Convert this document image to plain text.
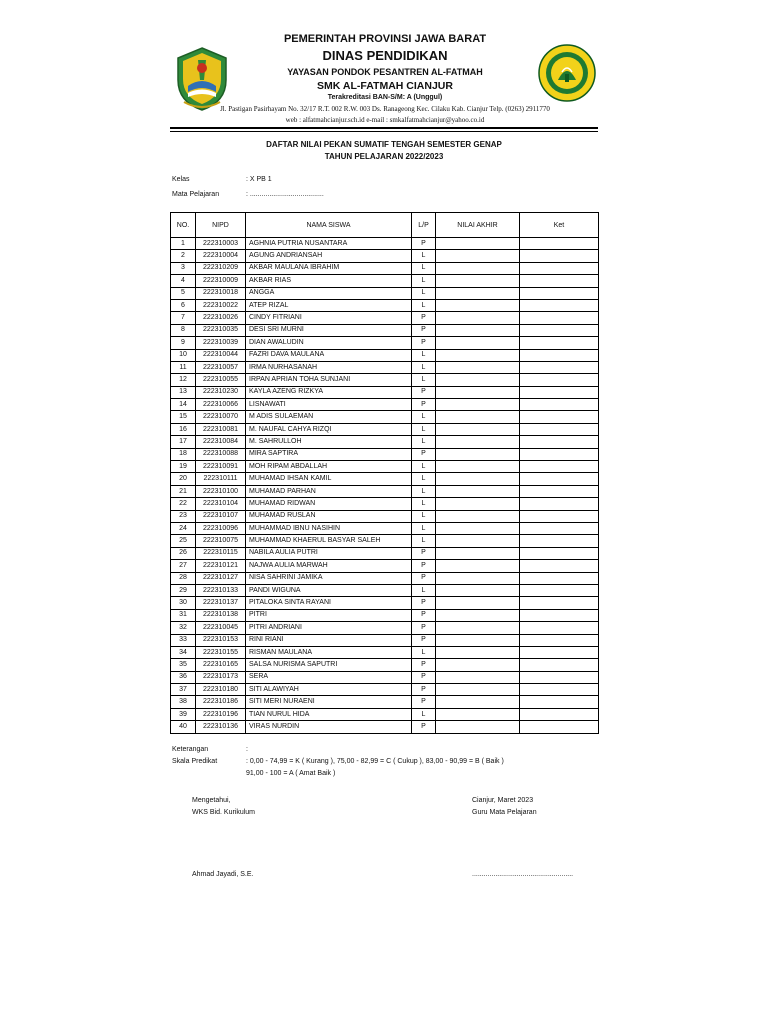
PEMERINTAH PROVINSI JAWA BARAT
DINAS PENDIDIKAN
YAYASAN PONDOK PESANTREN AL-FATMAH
SMK AL-FATMAH CIANJUR
Terakreditasi BAN-S/M: A (Unggul)
Jl. Pastigan Pasirhayam No. 32/17 R.T. 002 R.W. 003 Ds. Ranageong Kec. Cilaku Kab. Cianjur Telp. (0263) 2911770
web : alfatmahcianjur.sch.id e-mail : smkalfatmahcianjur@yahoo.co.id
DAFTAR NILAI PEKAN SUMATIF TENGAH SEMESTER GENAP
TAHUN PELAJARAN 2022/2023
Kelas	: X PB 1
Mata Pelajaran	: ......................................
NO.	NIPD	NAMA SISWA	L/P	NILAI AKHIR	Ket
1	222310003	AGHNIA PUTRIA NUSANTARA	P		
2	222310004	AGUNG ANDRIANSAH	L		
3	222310209	AKBAR MAULANA IBRAHIM	L		
4	222310009	AKBAR RIAS	L		
5	222310018	ANGGA	L		
6	222310022	ATEP RIZAL	L		
7	222310026	CINDY FITRIANI	P		
8	222310035	DESI SRI MURNI	P		
9	222310039	DIAN AWALUDIN	P		
10	222310044	FAZRI DAVA MAULANA	L		
11	222310057	IRMA NURHASANAH	L		
12	222310055	IRPAN APRIAN TOHA SUNJANI	L		
13	222310230	KAYLA AZENG RIZKYA	P		
14	222310066	LISNAWATI	P		
15	222310070	M ADIS SULAEMAN	L		
16	222310081	M. NAUFAL CAHYA RIZQI	L		
17	222310084	M. SAHRULLOH	L		
18	222310088	MIRA SAPTIRA	P		
19	222310091	MOH RIPAM ABDALLAH	L		
20	222310111	MUHAMAD IHSAN KAMIL	L		
21	222310100	MUHAMAD PARHAN	L		
22	222310104	MUHAMAD RIDWAN	L		
23	222310107	MUHAMAD RUSLAN	L		
24	222310096	MUHAMMAD IBNU NASIHIN	L		
25	222310075	MUHAMMAD KHAERUL BASYAR SALEH	L		
26	222310115	NABILA AULIA PUTRI	P		
27	222310121	NAJWA AULIA MARWAH	P		
28	222310127	NISA SAHRINI JAMIKA	P		
29	222310133	PANDI WIGUNA	L		
30	222310137	PITALOKA SINTA RAYANI	P		
31	222310138	PITRI	P		
32	222310045	PITRI ANDRIANI	P		
33	222310153	RINI RIANI	P		
34	222310155	RISMAN MAULANA	L		
35	222310165	SALSA NURISMA SAPUTRI	P		
36	222310173	SERA	P		
37	222310180	SITI ALAWIYAH	P		
38	222310186	SITI MERI NURAENI	P		
39	222310196	TIAN NURUL HIDA	L		
40	222310136	VIRAS NURDIN	P		
Keterangan	:
Skala Predikat	: 0,00 - 74,99 = K ( Kurang ), 75,00 - 82,99 = C ( Cukup ), 83,00 - 90,99 = B ( Baik )
91,00 - 100 = A ( Amat Baik )
Mengetahui,
WKS Bid. Kurikulum
Ahmad Jayadi, S.E.
Cianjur, Maret 2023
Guru Mata Pelajaran
....................................................
